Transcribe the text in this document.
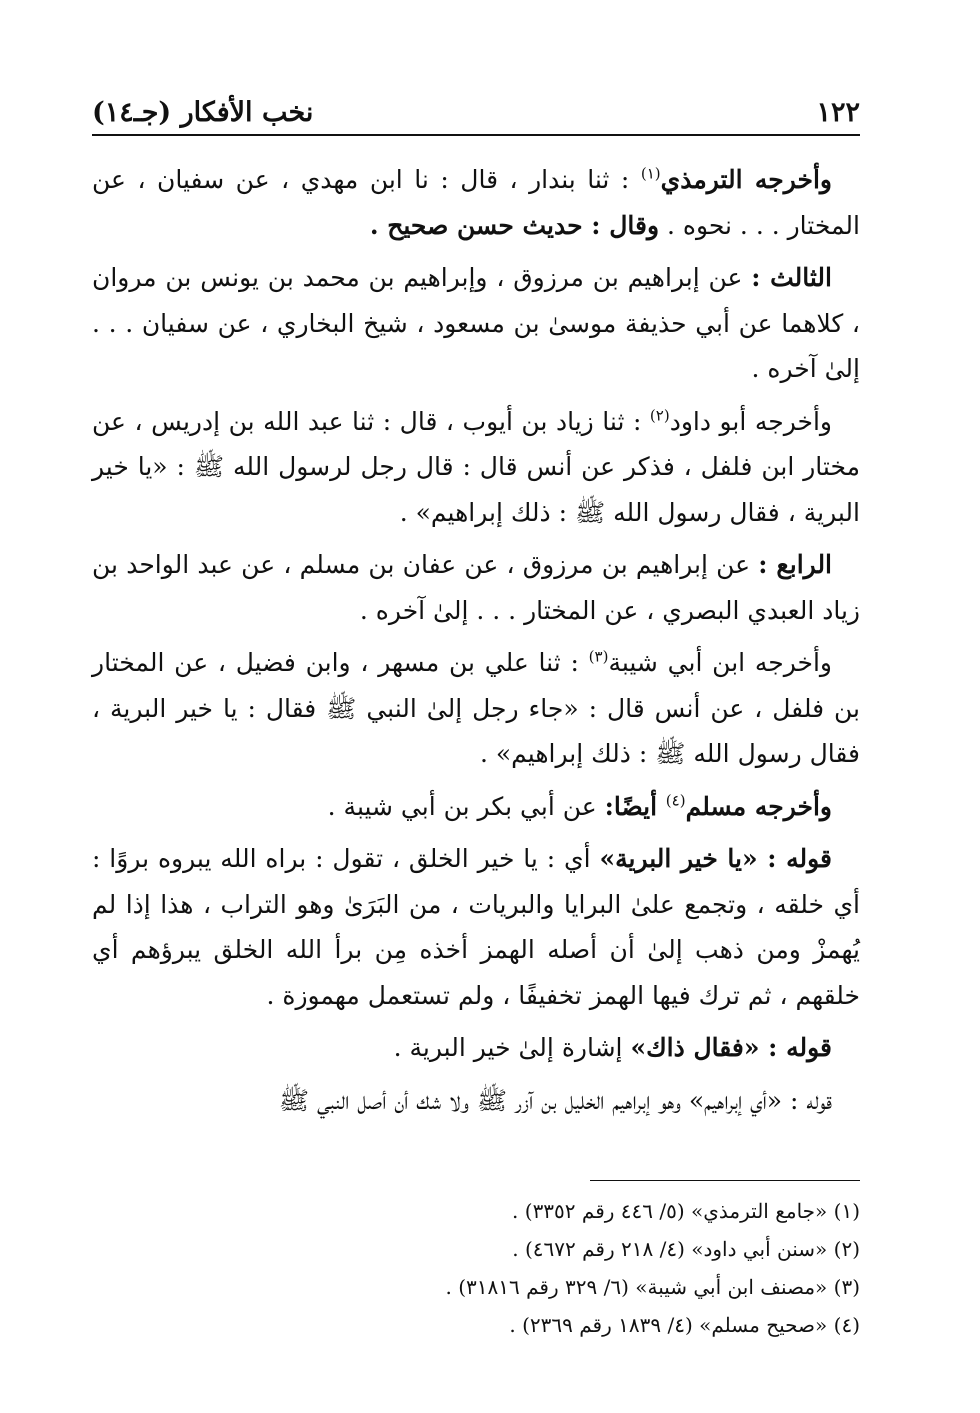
١٢٢
نخب الأفكار (جـ١٤)

وأخرجه الترمذي$^{(١)}$ : ثنا بندار ، قال : نا ابن مهدي ، عن سفيان ، عن المختار . . . نحوه . وقال : حديث حسن صحيح .

الثالث : عن إبراهيم بن مرزوق ، وإبراهيم بن محمد بن يونس بن مروان ، كلاهما عن أبي حذيفة موسىٰ بن مسعود ، شيخ البخاري ، عن سفيان . . . إلىٰ آخره .

وأخرجه أبو داود$^{(٢)}$ : ثنا زياد بن أيوب ، قال : ثنا عبد الله بن إدريس ، عن مختار ابن فلفل ، فذكر عن أنس قال : قال رجل لرسول الله ﷺ : «يا خير البرية ، فقال رسول الله ﷺ : ذلك إبراهيم» .

الرابع : عن إبراهيم بن مرزوق ، عن عفان بن مسلم ، عن عبد الواحد بن زياد العبدي البصري ، عن المختار . . . إلىٰ آخره .

وأخرجه ابن أبي شيبة$^{(٣)}$ : ثنا علي بن مسهر ، وابن فضيل ، عن المختار بن فلفل ، عن أنس قال : «جاء رجل إلىٰ النبي ﷺ فقال : يا خير البرية ، فقال رسول الله ﷺ : ذلك إبراهيم» .

وأخرجه مسلم$^{(٤)}$ أيضًا: عن أبي بكر بن أبي شيبة .

قوله : «يا خير البرية» أي : يا خير الخلق ، تقول : براه الله يبروه بروًا : أي خلقه ، وتجمع علىٰ البرايا والبريات ، من البَرَىٰ وهو التراب ، هذا إذا لم يُهمزْ ومن ذهب إلىٰ أن أصله الهمز أخذه مِن برأ الله الخلق يبرؤهم أي خلقهم ، ثم ترك فيها الهمز تخفيفًا ، ولم تستعمل مهموزة .

قوله : «فقال ذاك» إشارة إلىٰ خير البرية .

قوله : «أي إبراهيم» وهو إبراهيم الخليل بن آزر ﷺ ولا شك أن أصل النبي ﷺ

(١) «جامع الترمذي» (٥/ ٤٤٦ رقم ٣٣٥٢) .

(٢) «سنن أبي داود» (٤/ ٢١٨ رقم ٤٦٧٢) .

(٣) «مصنف ابن أبي شيبة» (٦/ ٣٢٩ رقم ٣١٨١٦) .

(٤) «صحيح مسلم» (٤/ ١٨٣٩ رقم ٢٣٦٩) .
